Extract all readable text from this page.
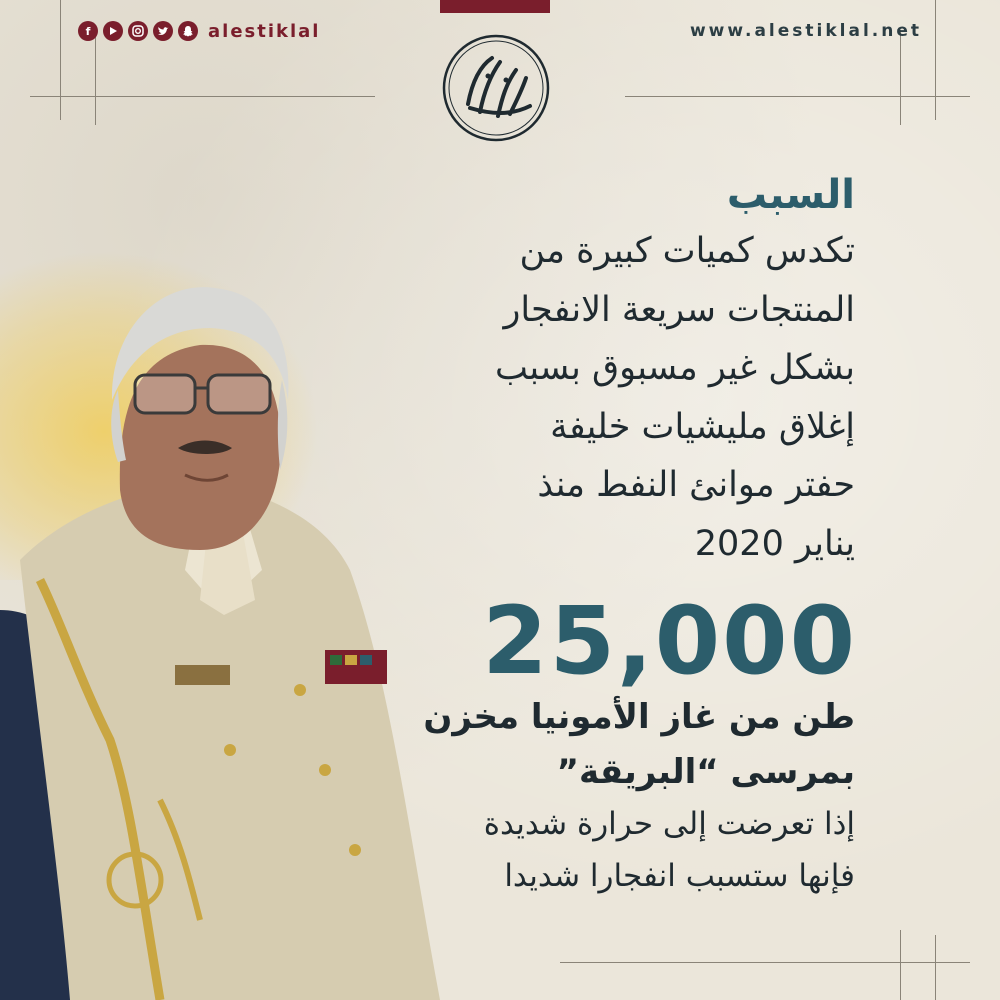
f	alestiklal	www.alestiklal.net

السبب

تكدس كميات كبيرة من

المنتجات سريعة الانفجار

بشكل غير مسبوق بسبب

إغلاق مليشيات خليفة

حفتر موانئ النفط منذ

يناير 2020

25,000

طن من غاز الأمونيا مخزن

بمرسى “البريقة”

إذا تعرضت إلى حرارة شديدة

فإنها ستسبب انفجارا شديدا
